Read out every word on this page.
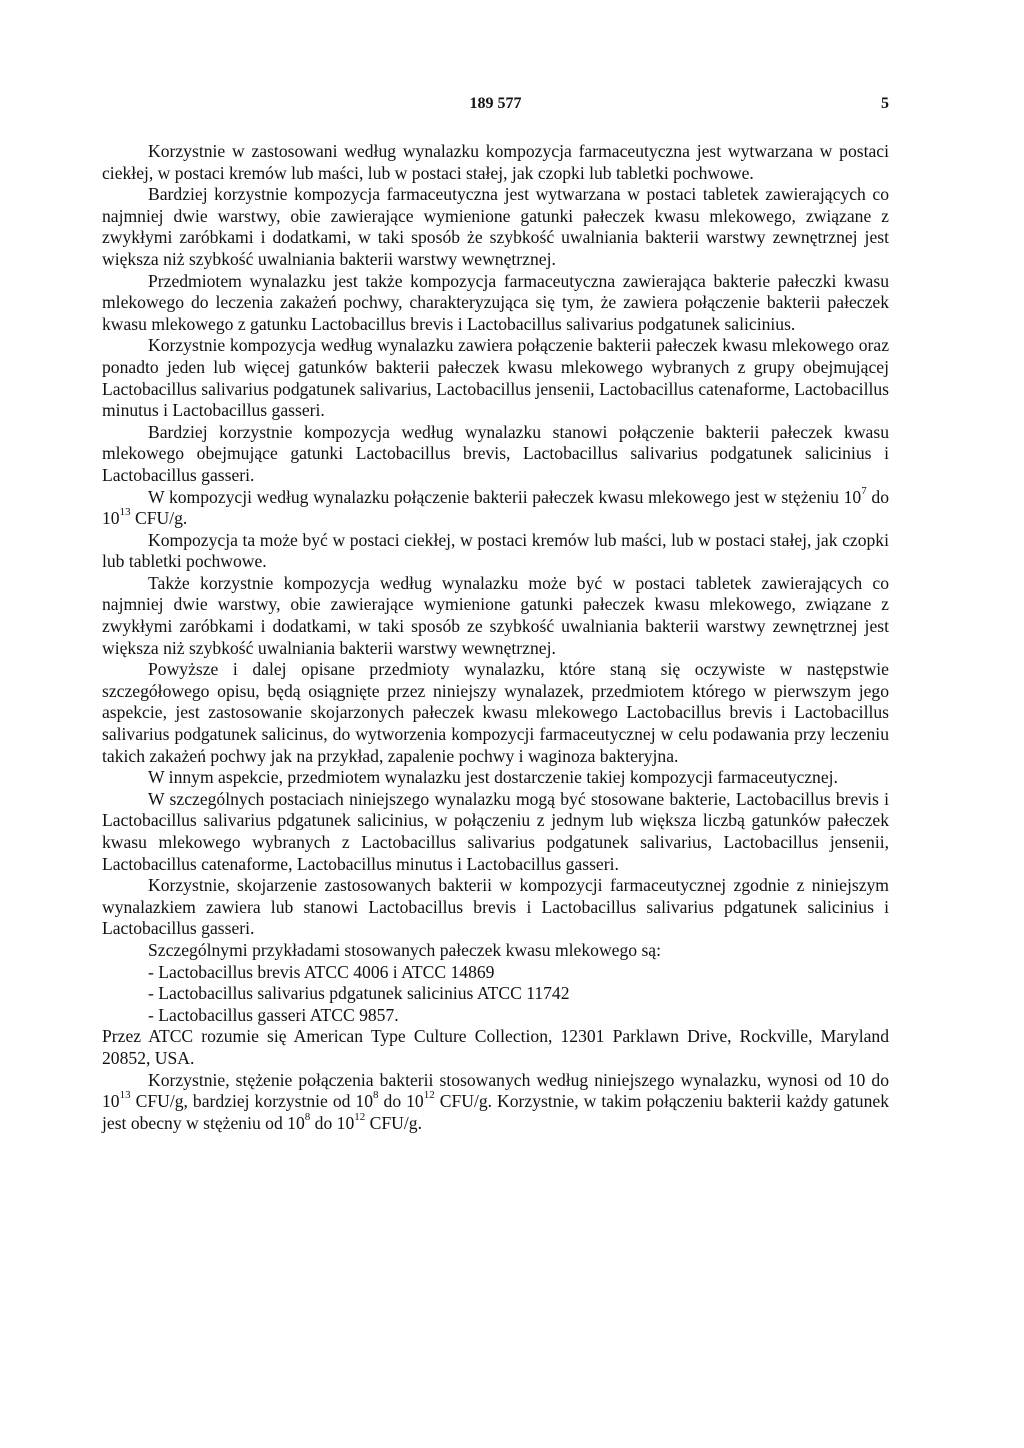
189 577	5

Korzystnie w zastosowani według wynalazku kompozycja farmaceutyczna jest wytwarzana w postaci ciekłej, w postaci kremów lub maści, lub w postaci stałej, jak czopki lub tabletki pochwowe.

Bardziej korzystnie kompozycja farmaceutyczna jest wytwarzana w postaci tabletek zawierających co najmniej dwie warstwy, obie zawierające wymienione gatunki pałeczek kwasu mlekowego, związane z zwykłymi zaróbkami i dodatkami, w taki sposób że szybkość uwalniania bakterii warstwy zewnętrznej jest większa niż szybkość uwalniania bakterii warstwy wewnętrznej.

Przedmiotem wynalazku jest także kompozycja farmaceutyczna zawierająca bakterie pałeczki kwasu mlekowego do leczenia zakażeń pochwy, charakteryzująca się tym, że zawiera połączenie bakterii pałeczek kwasu mlekowego z gatunku Lactobacillus brevis i Lactobacillus salivarius podgatunek salicinius.

Korzystnie kompozycja według wynalazku zawiera połączenie bakterii pałeczek kwasu mlekowego oraz ponadto jeden lub więcej gatunków bakterii pałeczek kwasu mlekowego wybranych z grupy obejmującej Lactobacillus salivarius podgatunek salivarius, Lactobacillus jensenii, Lactobacillus catenaforme, Lactobacillus minutus i Lactobacillus gasseri.

Bardziej korzystnie kompozycja według wynalazku stanowi połączenie bakterii pałeczek kwasu mlekowego obejmujące gatunki Lactobacillus brevis, Lactobacillus salivarius podgatunek salicinius i Lactobacillus gasseri.

W kompozycji według wynalazku połączenie bakterii pałeczek kwasu mlekowego jest w stężeniu $10^7$ do $10^{13}$ CFU/g.

Kompozycja ta może być w postaci ciekłej, w postaci kremów lub maści, lub w postaci stałej, jak czopki lub tabletki pochwowe.

Także korzystnie kompozycja według wynalazku może być w postaci tabletek zawierających co najmniej dwie warstwy, obie zawierające wymienione gatunki pałeczek kwasu mlekowego, związane z zwykłymi zaróbkami i dodatkami, w taki sposób ze szybkość uwalniania bakterii warstwy zewnętrznej jest większa niż szybkość uwalniania bakterii warstwy wewnętrznej.

Powyższe i dalej opisane przedmioty wynalazku, które staną się oczywiste w następstwie szczegółowego opisu, będą osiągnięte przez niniejszy wynalazek, przedmiotem którego w pierwszym jego aspekcie, jest zastosowanie skojarzonych pałeczek kwasu mlekowego Lactobacillus brevis i Lactobacillus salivarius podgatunek salicinus, do wytworzenia kompozycji farmaceutycznej w celu podawania przy leczeniu takich zakażeń pochwy jak na przykład, zapalenie pochwy i waginoza bakteryjna.

W innym aspekcie, przedmiotem wynalazku jest dostarczenie takiej kompozycji farmaceutycznej.

W szczególnych postaciach niniejszego wynalazku mogą być stosowane bakterie, Lactobacillus brevis i Lactobacillus salivarius pdgatunek salicinius, w połączeniu z jednym lub większa liczbą gatunków pałeczek kwasu mlekowego wybranych z Lactobacillus salivarius podgatunek salivarius, Lactobacillus jensenii, Lactobacillus catenaforme, Lactobacillus minutus i Lactobacillus gasseri.

Korzystnie, skojarzenie zastosowanych bakterii w kompozycji farmaceutycznej zgodnie z niniejszym wynalazkiem zawiera lub stanowi Lactobacillus brevis i Lactobacillus salivarius pdgatunek salicinius i Lactobacillus gasseri.

Szczególnymi przykładami stosowanych pałeczek kwasu mlekowego są:

- Lactobacillus brevis ATCC 4006 i ATCC 14869
- Lactobacillus salivarius pdgatunek salicinius ATCC 11742
- Lactobacillus gasseri ATCC 9857.

Przez ATCC rozumie się American Type Culture Collection, 12301 Parklawn Drive, Rockville, Maryland 20852, USA.

Korzystnie, stężenie połączenia bakterii stosowanych według niniejszego wynalazku, wynosi od 10 do $10^{13}$ CFU/g, bardziej korzystnie od $10^8$ do $10^{12}$ CFU/g. Korzystnie, w takim połączeniu bakterii każdy gatunek jest obecny w stężeniu od $10^8$ do $10^{12}$ CFU/g.
